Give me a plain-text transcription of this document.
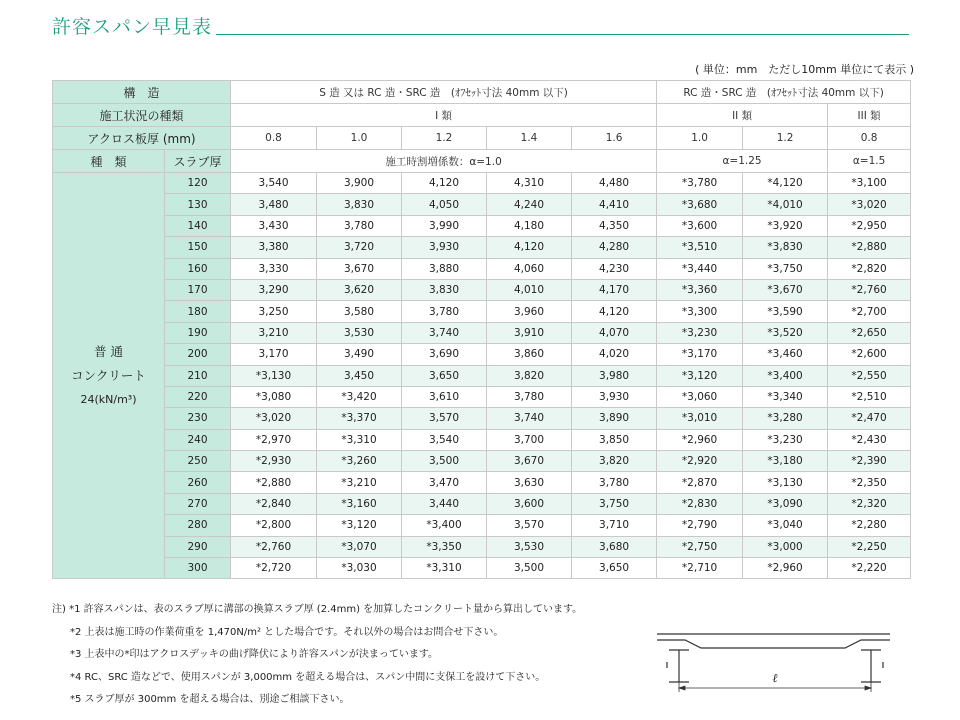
許容スパン早見表
( 単位：mm　ただし10mm 単位にて表示 )
構　造		S 造 又は RC 造・SRC 造　(ｵﾌｾｯﾄ寸法 40mm 以下)					RC 造・SRC 造　(ｵﾌｾｯﾄ寸法 40mm 以下)		
施工状況の種類		I 類					II 類		III 類
アクロス板厚 (mm)		0.8	1.0	1.2	1.4	1.6	1.0	1.2	0.8
種　類	スラブ厚	施工時割増係数：α=1.0					α=1.25		α=1.5

普 通
コンクリート
24(kN/m³)	120	3,540	3,900	4,120	4,310	4,480	*3,780	*4,120	*3,100
	130	3,480	3,830	4,050	4,240	4,410	*3,680	*4,010	*3,020
	140	3,430	3,780	3,990	4,180	4,350	*3,600	*3,920	*2,950
	150	3,380	3,720	3,930	4,120	4,280	*3,510	*3,830	*2,880
	160	3,330	3,670	3,880	4,060	4,230	*3,440	*3,750	*2,820
	170	3,290	3,620	3,830	4,010	4,170	*3,360	*3,670	*2,760
	180	3,250	3,580	3,780	3,960	4,120	*3,300	*3,590	*2,700
	190	3,210	3,530	3,740	3,910	4,070	*3,230	*3,520	*2,650
	200	3,170	3,490	3,690	3,860	4,020	*3,170	*3,460	*2,600
	210	*3,130	3,450	3,650	3,820	3,980	*3,120	*3,400	*2,550
	220	*3,080	*3,420	3,610	3,780	3,930	*3,060	*3,340	*2,510
	230	*3,020	*3,370	3,570	3,740	3,890	*3,010	*3,280	*2,470
	240	*2,970	*3,310	3,540	3,700	3,850	*2,960	*3,230	*2,430
	250	*2,930	*3,260	3,500	3,670	3,820	*2,920	*3,180	*2,390
	260	*2,880	*3,210	3,470	3,630	3,780	*2,870	*3,130	*2,350
	270	*2,840	*3,160	3,440	3,600	3,750	*2,830	*3,090	*2,320
	280	*2,800	*3,120	*3,400	3,570	3,710	*2,790	*3,040	*2,280
	290	*2,760	*3,070	*3,350	3,530	3,680	*2,750	*3,000	*2,250
	300	*2,720	*3,030	*3,310	3,500	3,650	*2,710	*2,960	*2,220
注) *1 許容スパンは、表のスラブ厚に溝部の換算スラブ厚 (2.4mm) を加算したコンクリート量から算出しています。
*2 上表は施工時の作業荷重を 1,470N/m² とした場合です。それ以外の場合はお問合せ下さい。
*3 上表中の*印はアクロスデッキの曲げ降伏により許容スパンが決まっています。
*4 RC、SRC 造などで、使用スパンが 3,000mm を超える場合は、スパン中間に支保工を設けて下さい。
*5 スラブ厚が 300mm を超える場合は、別途ご相談下さい。
ℓ
